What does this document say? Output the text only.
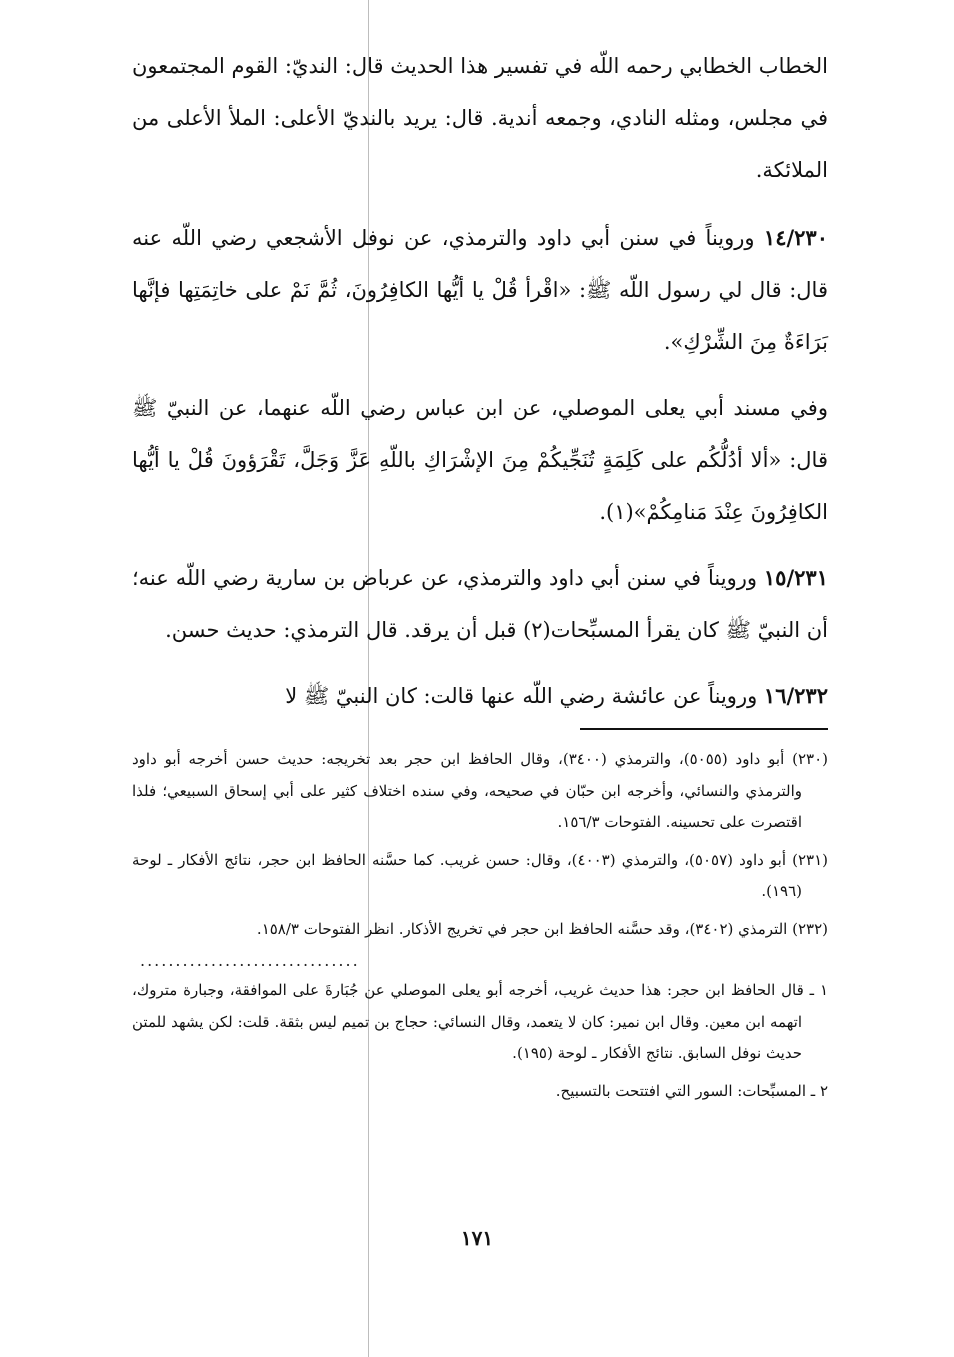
الخطاب الخطابي رحمه اللّه في تفسير هذا الحديث قال: النديّ: القوم المجتمعون في مجلس، ومثله النادي، وجمعه أندية. قال: يريد بالنديّ الأعلى: الملأ الأعلى من الملائكة.

١٤/٢٣٠ ورويناً في سنن أبي داود والترمذي، عن نوفل الأشجعي رضي اللّه عنه قال: قال لي رسول اللّه ﷺ: «اقْرأ قُلْ يا أيُّها الكافِرُونَ، ثُمَّ نَمْ على خاتِمَتِها فإنَّها بَرَاءَةٌ مِنَ الشِّرْكِ».

وفي مسند أبي يعلى الموصلي، عن ابن عباس رضي اللّه عنهما، عن النبيّ ﷺ قال: «ألا أدُلُّكُم على كَلِمَةٍ تُنَجِّيكُمْ مِنَ الإشْرَاكِ باللّهِ عَزَّ وَجَلَّ، تَقْرَؤونَ قُلْ يا أيُّها الكافِرُونَ عِنْدَ مَنامِكُمْ»(١).

١٥/٢٣١ ورويناً في سنن أبي داود والترمذي، عن عرباض بن سارية رضي اللّه عنه؛ أن النبيّ ﷺ كان يقرأ المسبِّحات(٢) قبل أن يرقد. قال الترمذي: حديث حسن.

١٦/٢٣٢ ورويناً عن عائشة رضي اللّه عنها قالت: كان النبيّ ﷺ لا

(٢٣٠) أبو داود (٥٠٥٥)، والترمذي (٣٤٠٠)، وقال الحافظ ابن حجر بعد تخريجه: حديث حسن أخرجه أبو داود والترمذي والنسائي، وأخرجه ابن حبّان في صحيحه، وفي سنده اختلاف كثير على أبي إسحاق السبيعي؛ فلذا اقتصرت على تحسينه. الفتوحات ١٥٦/٣.

(٢٣١) أبو داود (٥٠٥٧)، والترمذي (٤٠٠٣)، وقال: حسن غريب. كما حسَّنه الحافظ ابن حجر، نتائج الأفكار ـ لوحة (١٩٦).

(٢٣٢) الترمذي (٣٤٠٢)، وقد حسَّنه الحافظ ابن حجر في تخريج الأذكار. انظر الفتوحات ١٥٨/٣.

...............................

١ ـ قال الحافظ ابن حجر: هذا حديث غريب، أخرجه أبو يعلى الموصلي عن جُبَارةَ على الموافقة، وجبارة متروك، اتهمه ابن معين. وقال ابن نمير: كان لا يتعمد، وقال النسائي: حجاج بن تميم ليس بثقة. قلت: لكن يشهد للمتن حديث نوفل السابق. نتائج الأفكار ـ لوحة (١٩٥).

٢ ـ المسبِّحات: السور التي افتتحت بالتسبيح.

١٧١
